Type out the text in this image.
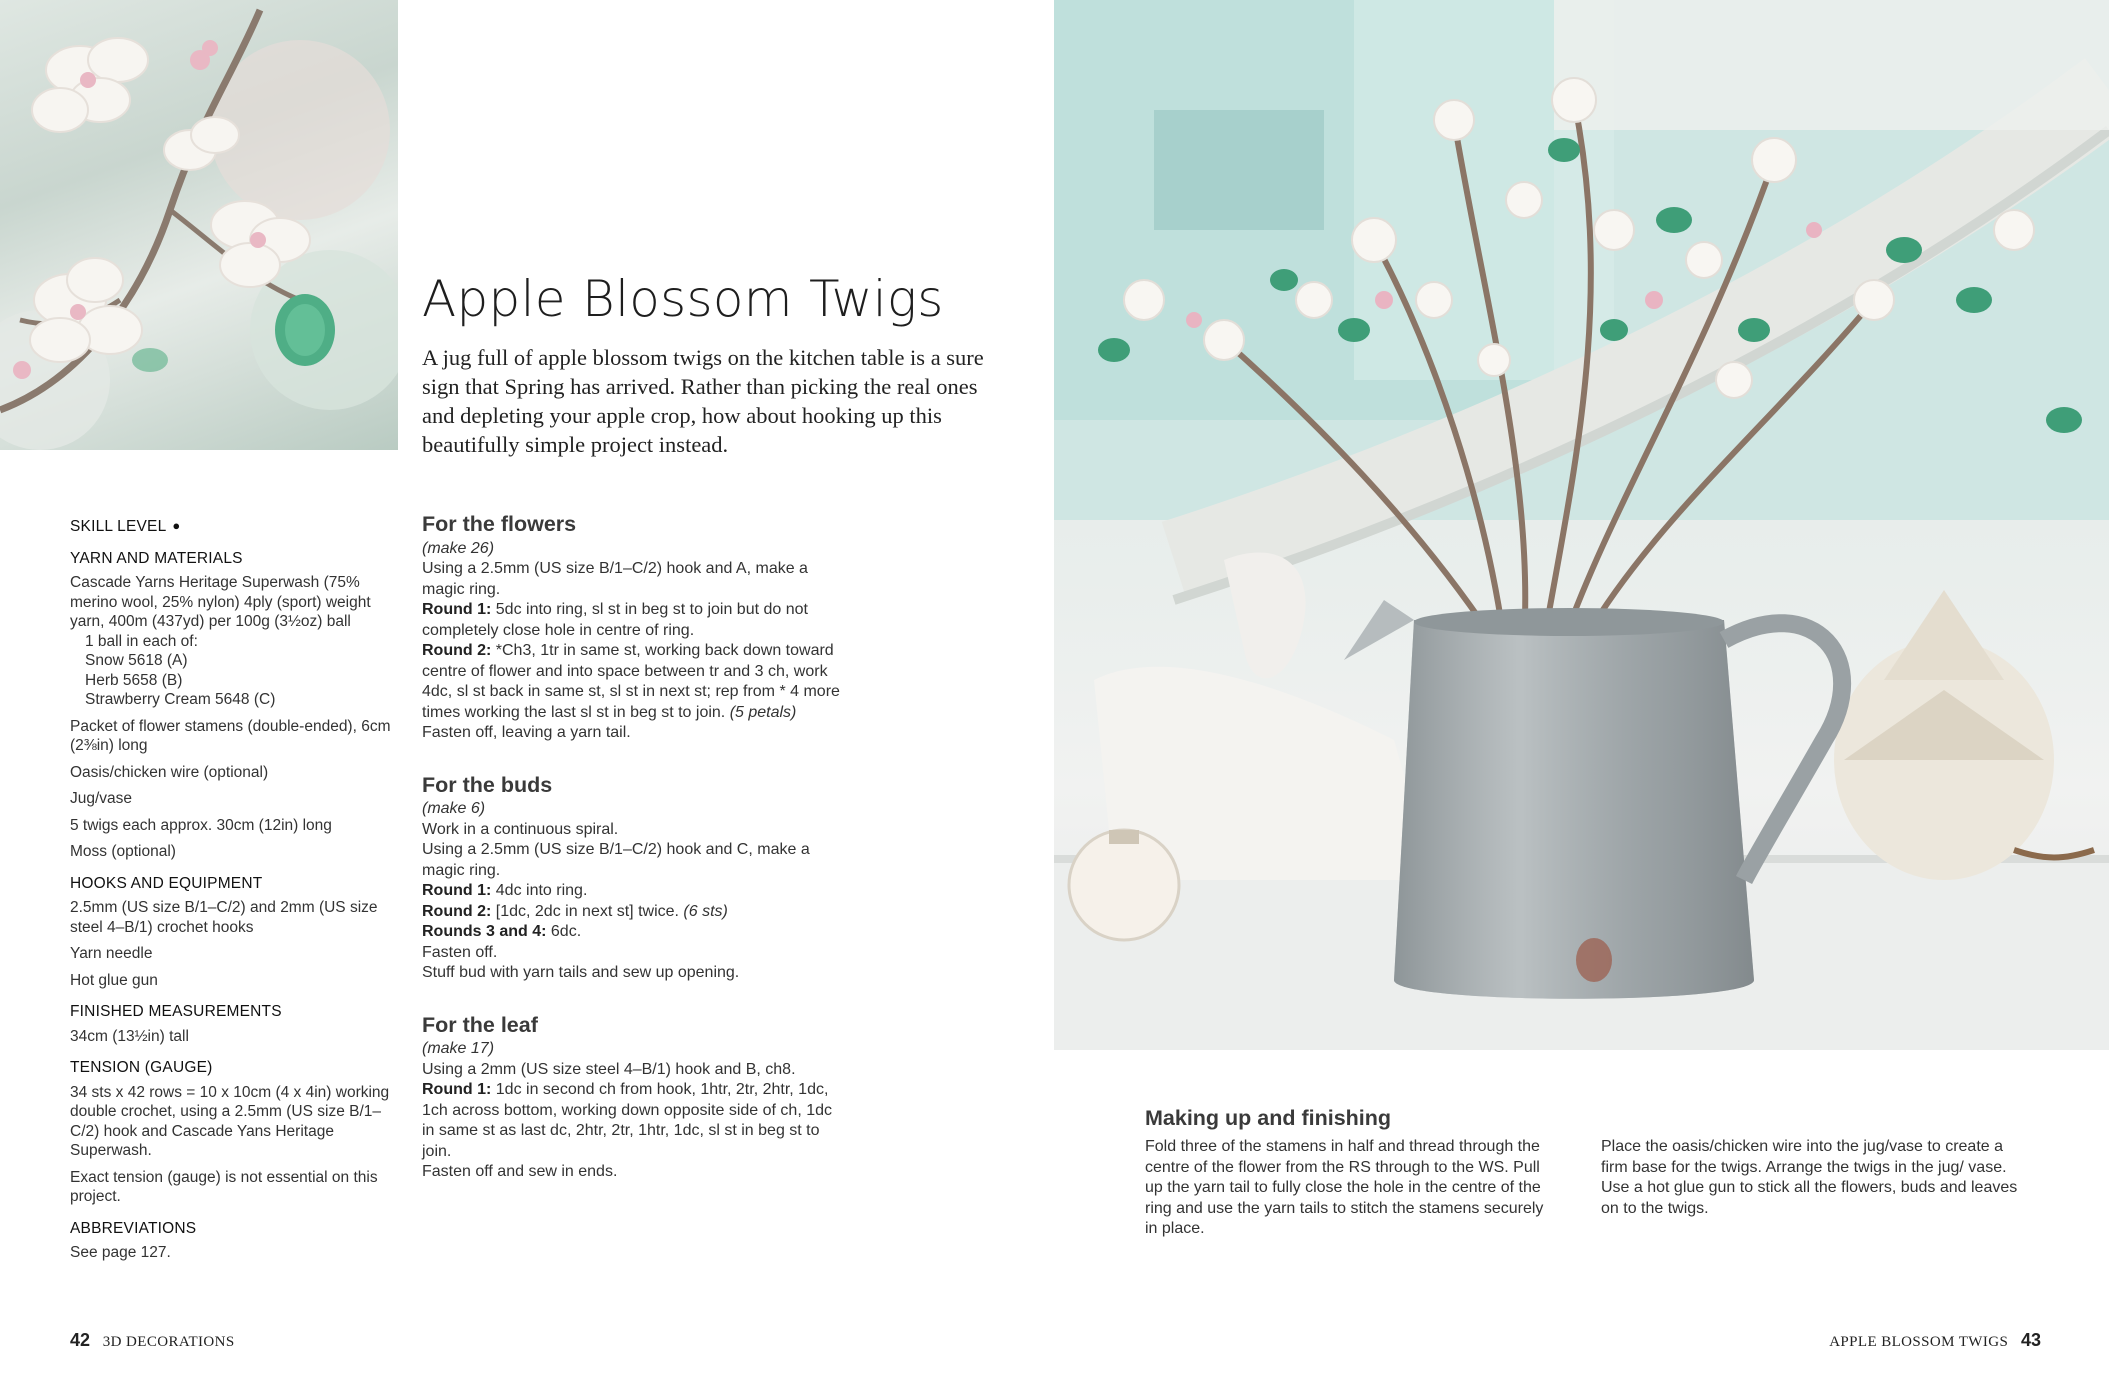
Apple Blossom Twigs

A jug full of apple blossom twigs on the kitchen table is a sure sign that Spring has arrived. Rather than picking the real ones and depleting your apple crop, how about hooking up this beautifully simple project instead.

SKILL LEVEL ●
YARN AND MATERIALS

Cascade Yarns Heritage Superwash (75% merino wool, 25% nylon) 4ply (sport) weight yarn, 400m (437yd) per 100g (3½oz) ball

1 ball in each of:

Snow 5618 (A)

Herb 5658 (B)

Strawberry Cream 5648 (C)

Packet of flower stamens (double-ended), 6cm (2⅜in) long

Oasis/chicken wire (optional)

Jug/vase

5 twigs each approx. 30cm (12in) long

Moss (optional)

HOOKS AND EQUIPMENT

2.5mm (US size B/1–C/2) and 2mm (US size steel 4–B/1) crochet hooks

Yarn needle

Hot glue gun

FINISHED MEASUREMENTS

34cm (13½in) tall

TENSION (GAUGE)

34 sts x 42 rows = 10 x 10cm (4 x 4in) working double crochet, using a 2.5mm (US size B/1–C/2) hook and Cascade Yans Heritage Superwash.

Exact tension (gauge) is not essential on this project.

ABBREVIATIONS

See page 127.

For the flowers

(make 26)

Using a 2.5mm (US size B/1–C/2) hook and A, make a magic ring.

Round 1: 5dc into ring, sl st in beg st to join but do not completely close hole in centre of ring.

Round 2: *Ch3, 1tr in same st, working back down toward centre of flower and into space between tr and 3 ch, work 4dc, sl st back in same st, sl st in next st; rep from * 4 more times working the last sl st in beg st to join. (5 petals)

Fasten off, leaving a yarn tail.

For the buds

(make 6)

Work in a continuous spiral.

Using a 2.5mm (US size B/1–C/2) hook and C, make a magic ring.

Round 1: 4dc into ring.

Round 2: [1dc, 2dc in next st] twice. (6 sts)

Rounds 3 and 4: 6dc.

Fasten off.

Stuff bud with yarn tails and sew up opening.

For the leaf

(make 17)

Using a 2mm (US size steel 4–B/1) hook and B, ch8.

Round 1: 1dc in second ch from hook, 1htr, 2tr, 2htr, 1dc, 1ch across bottom, working down opposite side of ch, 1dc in same st as last dc, 2htr, 2tr, 1htr, 1dc, sl st in beg st to join.

Fasten off and sew in ends.

Making up and finishing

Fold three of the stamens in half and thread through the centre of the flower from the RS through to the WS. Pull up the yarn tail to fully close the hole in the centre of the ring and use the yarn tails to stitch the stamens securely in place.

Place the oasis/chicken wire into the jug/vase to create a firm base for the twigs. Arrange the twigs in the jug/ vase. Use a hot glue gun to stick all the flowers, buds and leaves on to the twigs.

42 3D DECORATIONS	APPLE BLOSSOM TWIGS 43
